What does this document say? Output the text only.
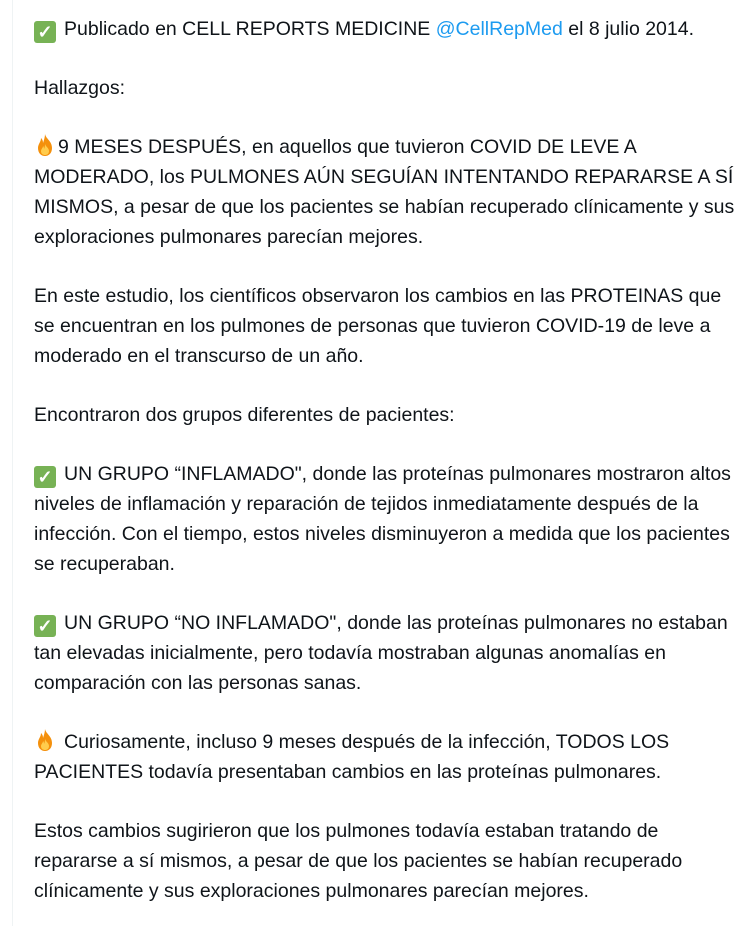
✓ Publicado en CELL REPORTS MEDICINE @CellRepMed el 8 julio 2014.

Hallazgos:

9 MESES DESPUÉS, en aquellos que tuvieron COVID DE LEVE A MODERADO, los PULMONES AÚN SEGUÍAN INTENTANDO REPARARSE A SÍ MISMOS, a pesar de que los pacientes se habían recuperado clínicamente y sus exploraciones pulmonares parecían mejores.

En este estudio, los científicos observaron los cambios en las PROTEINAS que se encuentran en los pulmones de personas que tuvieron COVID-19 de leve a moderado en el transcurso de un año.

Encontraron dos grupos diferentes de pacientes:

✓ UN GRUPO “INFLAMADO", donde las proteínas pulmonares mostraron altos niveles de inflamación y reparación de tejidos inmediatamente después de la infección. Con el tiempo, estos niveles disminuyeron a medida que los pacientes se recuperaban.

✓ UN GRUPO “NO INFLAMADO", donde las proteínas pulmonares no estaban tan elevadas inicialmente, pero todavía mostraban algunas anomalías en comparación con las personas sanas.

Curiosamente, incluso 9 meses después de la infección, TODOS LOS PACIENTES todavía presentaban cambios en las proteínas pulmonares.

Estos cambios sugirieron que los pulmones todavía estaban tratando de repararse a sí mismos, a pesar de que los pacientes se habían recuperado clínicamente y sus exploraciones pulmonares parecían mejores.
